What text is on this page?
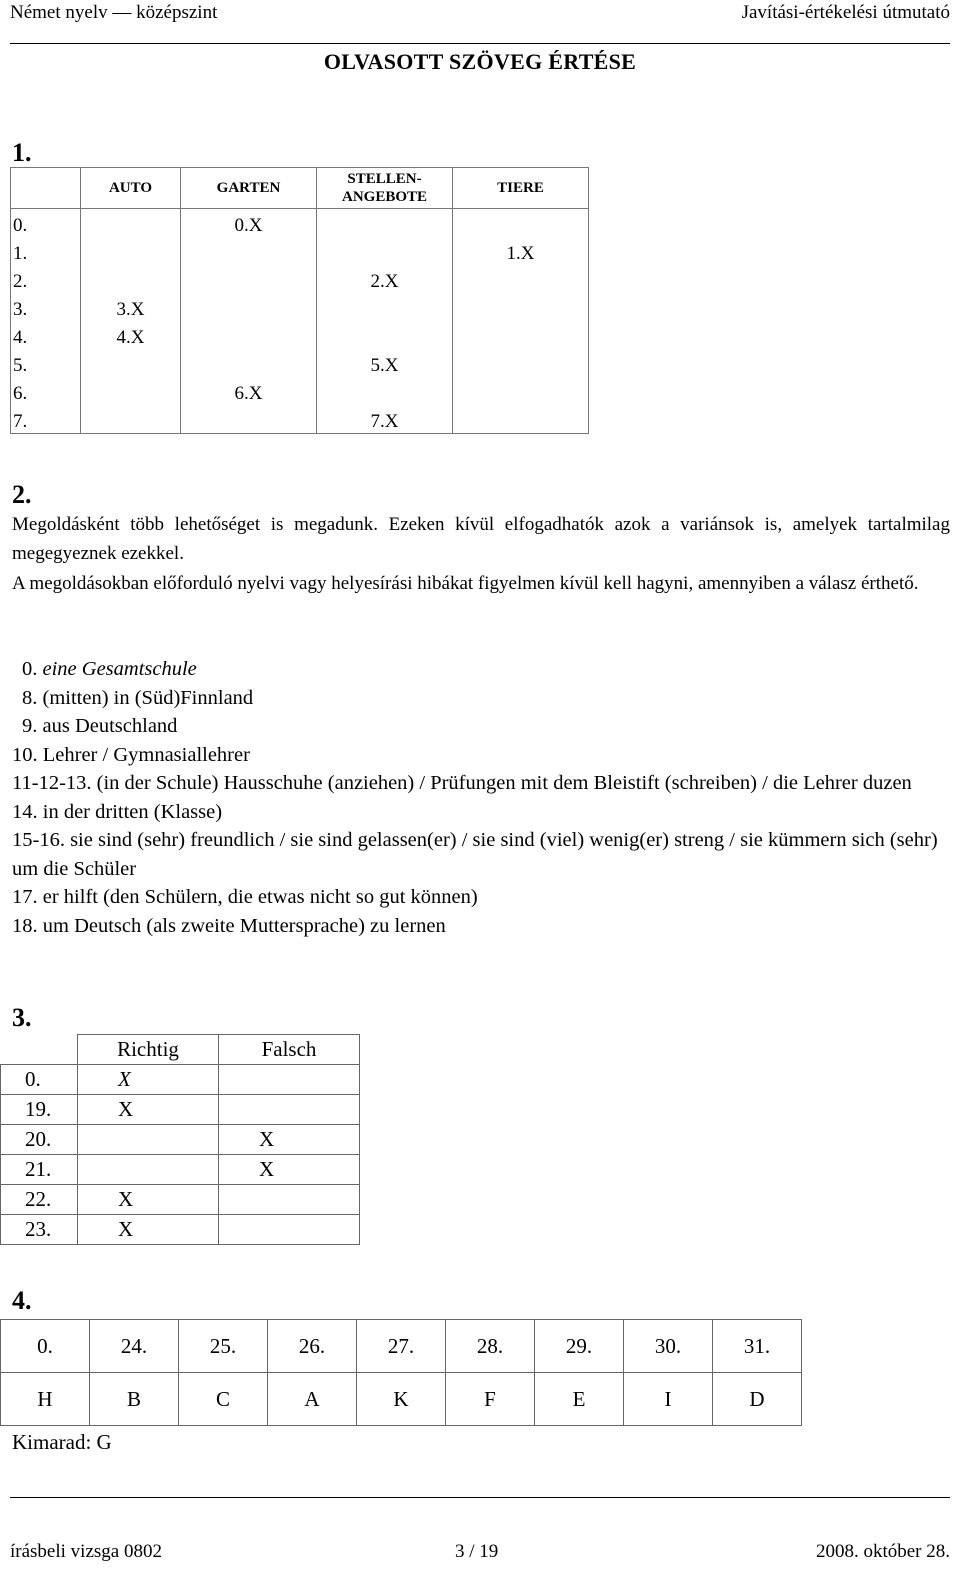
Német nyelv — középszint	Javítási-értékelési útmutató
OLVASOTT SZÖVEG ÉRTÉSE
1.
	AUTO	GARTEN	STELLEN-
ANGEBOTE	TIERE
0.		0.X		
1.				1.X
2.			2.X	
3.	3.X			
4.	4.X			
5.			5.X	
6.		6.X		
7.			7.X	
2.
Megoldásként több lehetőséget is megadunk. Ezeken kívül elfogadhatók azok a variánsok is, amelyek tartalmilag megegyeznek ezekkel.
A megoldásokban előforduló nyelvi vagy helyesírási hibákat figyelmen kívül kell hagyni, amennyiben a válasz érthető.
0. eine Gesamtschule
8. (mitten) in (Süd)Finnland
9. aus Deutschland
10. Lehrer / Gymnasiallehrer
11-12-13. (in der Schule) Hausschuhe (anziehen) / Prüfungen mit dem Bleistift (schreiben) / die Lehrer duzen
14. in der dritten (Klasse)
15-16. sie sind (sehr) freundlich / sie sind gelassen(er) / sie sind (viel) wenig(er) streng / sie kümmern sich (sehr) um die Schüler
17. er hilft (den Schülern, die etwas nicht so gut können)
18. um Deutsch (als zweite Muttersprache) zu lernen
3.
	Richtig	Falsch
0.	X	
19.	X	
20.		X
21.		X
22.	X	
23.	X	
4.
0.	24.	25.	26.	27.	28.	29.	30.	31.
H	B	C	A	K	F	E	I	D
Kimarad: G
írásbeli vizsga 0802	3 / 19	2008. október 28.
